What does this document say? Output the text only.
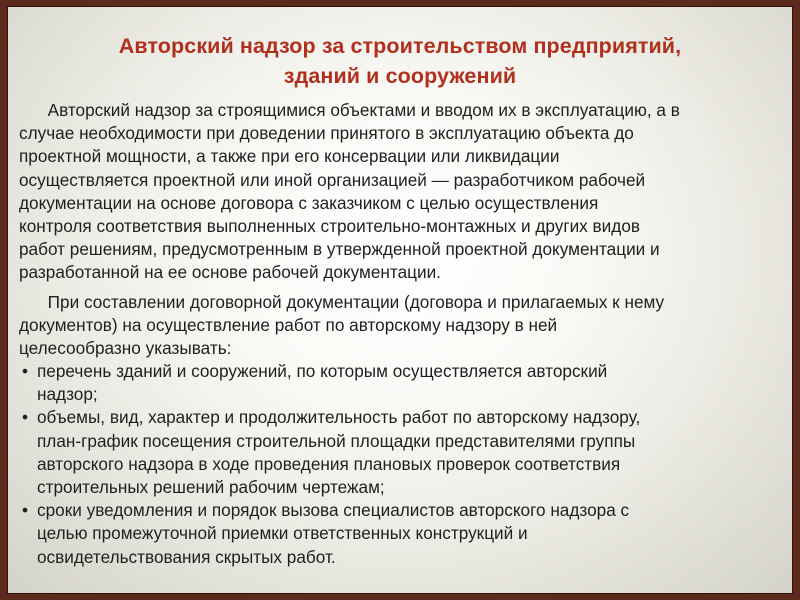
Авторский надзор за строительством предприятий,
зданий и сооружений
Авторский надзор за строящимися объектами и вводом их в эксплуатацию, а в
случае необходимости при доведении принятого в эксплуатацию объекта до
проектной мощности, а также при его консервации или ликвидации
осуществляется проектной или иной организацией — разработчиком рабочей
документации на основе договора с заказчиком с целью осуществления
контроля соответствия выполненных строительно-монтажных и других видов
работ решениям, предусмотренным в утвержденной проектной документации и
разработанной на ее основе рабочей документации.
При составлении договорной документации (договора и прилагаемых к нему
документов) на осуществление работ по авторскому надзору в ней
целесообразно указывать:
• перечень зданий и сооружений, по которым осуществляется авторский
надзор;
• объемы, вид, характер и продолжительность работ по авторскому надзору,
план-график посещения строительной площадки представителями группы
авторского надзора в ходе проведения плановых проверок соответствия
строительных решений рабочим чертежам;
• сроки уведомления и порядок вызова специалистов авторского надзора с
целью промежуточной приемки ответственных конструкций и
освидетельствования скрытых работ.
